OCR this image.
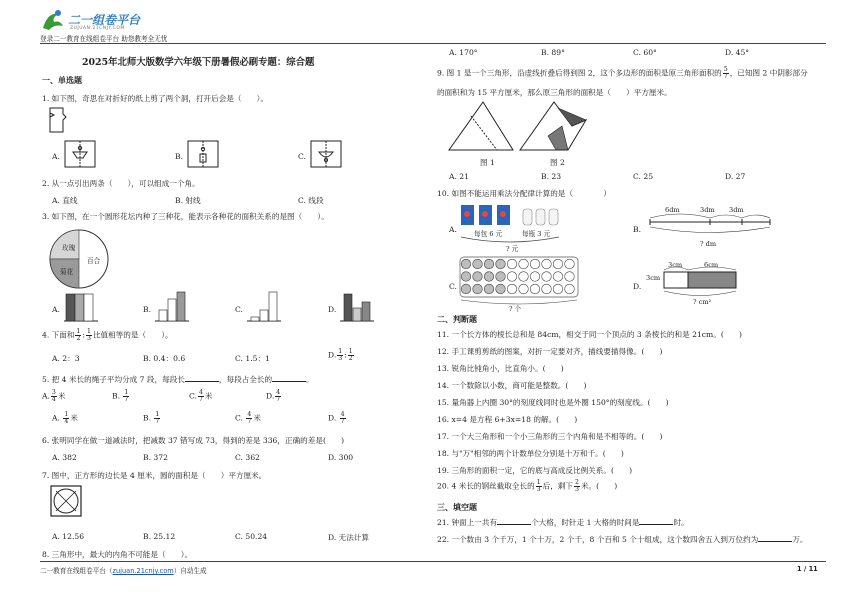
二一组卷平台
ZUJUAN.21CNJY.COM
登录二一教育在线组卷平台 助您教考全无忧
2025年北师大版数学六年级下册暑假必刷专题：综合题
一、单选题
1. 如下图，奇思在对折好的纸上剪了两个洞，打开后会是（　　）。
A.	B.	C.
2. 从一点引出两条（　　），可以组成一个角。
A. 直线	B. 射线	C. 线段
3. 如下图，在一个圆形花坛内种了三种花，能表示各种花的面积关系的是图（　　）。
玫瑰
百合
菊花
A.	B.	C.	D.
4. 下面和 $\frac{1}{2}$ : $\frac{1}{3}$ 比值相等的是（　　）。
A. 2：3	B. 0.4：0.6	C. 1.5：1	D. $\frac{1}{3}$ : $\frac{1}{2}$
5. 把 4 米长的绳子平均分成 7 段，每段长	，每段占全长的	。
A. $\frac{3}{4}$ 米	B. $\frac{1}{7}$	C. $\frac{4}{7}$ 米	D. $\frac{4}{7}$
A. $\frac{1}{4}$ 米	B. $\frac{1}{7}$	C. $\frac{4}{7}$ 米	D. $\frac{4}{7}$
6. 张明同学在做一道减法时，把减数 37 错写成 73，得到的差是 336，正确的差是(　　)
A. 382	B. 372	C. 362	D. 300
7. 图中，正方形的边长是 4 厘米，圆的面积是（　　）平方厘米。
A. 12.56	B. 25.12	C. 50.24	D. 无法计算
8. 三角形中，最大的内角不可能是（　　）。
A. 170°	B. 89°	C. 60°	D. 45°
9. 图 1 是一个三角形，沿虚线折叠后得到图 2，这个多边形的面积是原三角形面积的 $\frac{5}{7}$ ，已知图 2 中阴影部分
的面积和为 15 平方厘米，那么原三角形的面积是（　　）平方厘米。
图 1	图 2
A. 21	B. 23	C. 25	D. 27
10. 如图不能运用乘法分配律计算的是（　　　　）
A.	每包 6 元	每瓶 3 元
? 元
B.
6dm	3dm 3dm
? dm
C.
? 个
D.
3cm	6cm
3cm
? cm²
二、判断题
11. 一个长方体的棱长总和是 84cm，相交于同一个顶点的 3 条棱长的和是 21cm。(　　)
12. 手工课剪剪纸的图案，对折一定要对齐，描线要描得像。(　　)
13. 锐角比钝角小，比直角小。(　　)
14. 一个数除以小数，商可能是整数。(　　)
15. 量角器上内圈 30°的刻度线同时也是外圈 150°的刻度线。(　　)
16. x=4 是方程 6+3x=18 的解。(　　)
17. 一个大三角形和一个小三角形的三个内角和是不相等的。(　　)
18. 与"万"相邻的两个计数单位分别是十万和千。(　　)
19. 三角形的面积一定，它的底与高成反比例关系。(　　)
20. 4 米长的钢丝截取全长的 $\frac{1}{3}$ 后，剩下 $\frac{2}{3}$ 米。(　　)
三、填空题
21. 钟面上一共有	个大格，时针走 1 大格的时间是	时。
22. 一个数由 3 个千万，1 个十万，2 个千，8 个百和 5 个十组成，这个数四舍五入到万位约为	万。
二一教育在线组卷平台（zujuan.21cnjy.com）自动生成	1 / 11
